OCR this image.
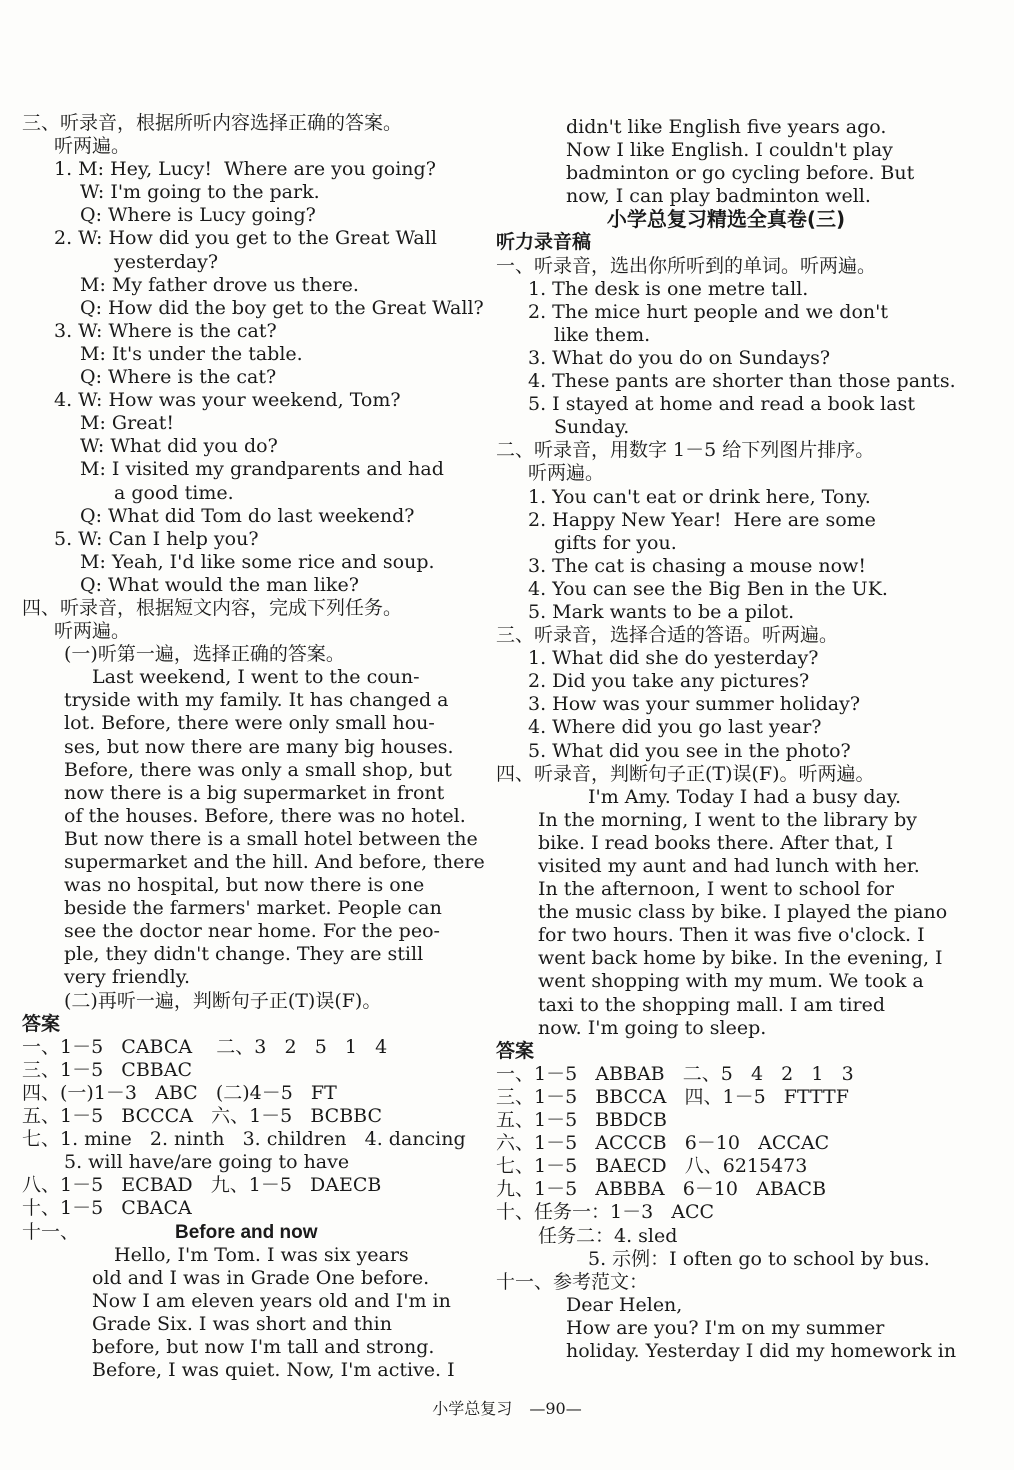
三、听录音，根据所听内容选择正确的答案。
听两遍。
1. M: Hey, Lucy!  Where are you going?
W: I'm going to the park.
Q: Where is Lucy going?
2. W: How did you get to the Great Wall
yesterday?
M: My father drove us there.
Q: How did the boy get to the Great Wall?
3. W: Where is the cat?
M: It's under the table.
Q: Where is the cat?
4. W: How was your weekend, Tom?
M: Great!
W: What did you do?
M: I visited my grandparents and had
a good time.
Q: What did Tom do last weekend?
5. W: Can I help you?
M: Yeah, I'd like some rice and soup.
Q: What would the man like?
四、听录音，根据短文内容，完成下列任务。
听两遍。
(一)听第一遍，选择正确的答案。
Last weekend, I went to the coun-
tryside with my family. It has changed a
lot. Before, there were only small hou-
ses, but now there are many big houses.
Before, there was only a small shop, but
now there is a big supermarket in front
of the houses. Before, there was no hotel.
But now there is a small hotel between the
supermarket and the hill. And before, there
was no hospital, but now there is one
beside the farmers' market. People can
see the doctor near home. For the peo-
ple, they didn't change. They are still
very friendly.
(二)再听一遍，判断句子正(T)误(F)。
答案
一、1－5   CABCA    二、3   2   5   1   4
三、1－5   CBBAC
四、(一)1－3   ABC   (二)4－5   FT
五、1－5   BCCCA   六、1－5   BCBBC
七、1. mine   2. ninth   3. children   4. dancing
5. will have/are going to have
八、1－5   ECBAD   九、1－5   DAECB
十、1－5   CBACA
十一、	Before and now
Hello, I'm Tom. I was six years
old and I was in Grade One before.
Now I am eleven years old and I'm in
Grade Six. I was short and thin
before, but now I'm tall and strong.
Before, I was quiet. Now, I'm active. I
didn't like English five years ago.
Now I like English. I couldn't play
badminton or go cycling before. But
now, I can play badminton well.
小学总复习精选全真卷(三)
听力录音稿
一、听录音，选出你所听到的单词。听两遍。
1. The desk is one metre tall.
2. The mice hurt people and we don't
like them.
3. What do you do on Sundays?
4. These pants are shorter than those pants.
5. I stayed at home and read a book last
Sunday.
二、听录音，用数字 1－5 给下列图片排序。
听两遍。
1. You can't eat or drink here, Tony.
2. Happy New Year!  Here are some
gifts for you.
3. The cat is chasing a mouse now!
4. You can see the Big Ben in the UK.
5. Mark wants to be a pilot.
三、听录音，选择合适的答语。听两遍。
1. What did she do yesterday?
2. Did you take any pictures?
3. How was your summer holiday?
4. Where did you go last year?
5. What did you see in the photo?
四、听录音，判断句子正(T)误(F)。听两遍。
I'm Amy. Today I had a busy day.
In the morning, I went to the library by
bike. I read books there. After that, I
visited my aunt and had lunch with her.
In the afternoon, I went to school for
the music class by bike. I played the piano
for two hours. Then it was five o'clock. I
went back home by bike. In the evening, I
went shopping with my mum. We took a
taxi to the shopping mall. I am tired
now. I'm going to sleep.
答案
一、1－5   ABBAB   二、5   4   2   1   3
三、1－5   BBCCA   四、1－5   FTTTF
五、1－5   BBDCB
六、1－5   ACCCB   6－10   ACCAC
七、1－5   BAECD   八、6215473
九、1－5   ABBBA   6－10   ABACB
十、任务一：1－3   ACC
任务二：4. sled
5. 示例：I often go to school by bus.
十一、参考范文：
Dear Helen,
How are you? I'm on my summer
holiday. Yesterday I did my homework in
小学总复习 —90—
